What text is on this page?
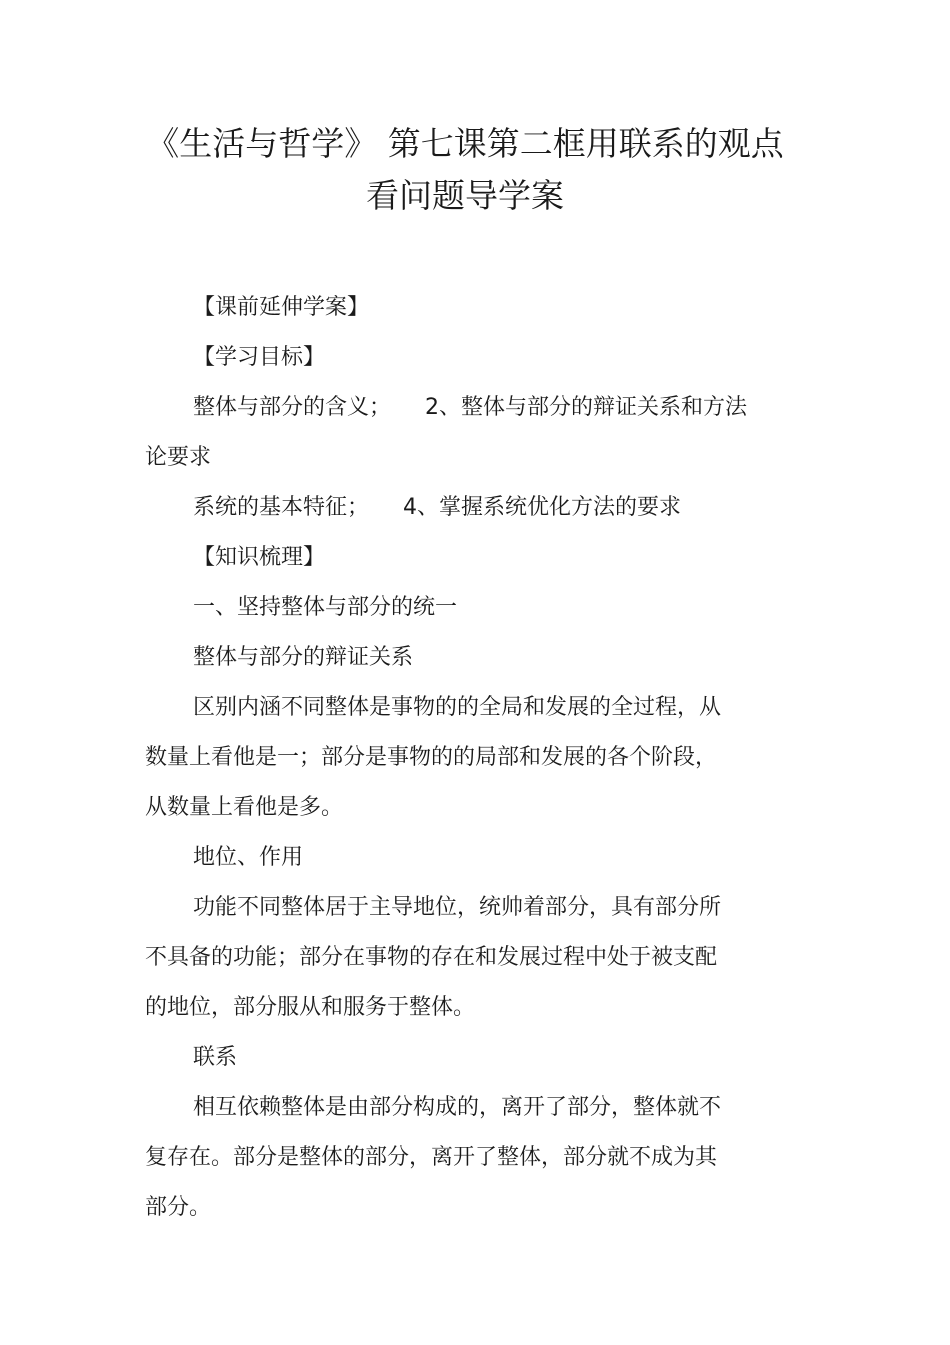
《生活与哲学》 第七课第二框用联系的观点
看问题导学案

【课前延伸学案】

【学习目标】

整体与部分的含义； 2、整体与部分的辩证关系和方法

论要求

系统的基本特征； 4、掌握系统优化方法的要求

【知识梳理】

一、坚持整体与部分的统一

整体与部分的辩证关系

区别内涵不同整体是事物的的全局和发展的全过程，从

数量上看他是一；部分是事物的的局部和发展的各个阶段，

从数量上看他是多。

地位、作用

功能不同整体居于主导地位，统帅着部分，具有部分所

不具备的功能；部分在事物的存在和发展过程中处于被支配

的地位，部分服从和服务于整体。

联系

相互依赖整体是由部分构成的，离开了部分，整体就不

复存在。部分是整体的部分，离开了整体，部分就不成为其

部分。
